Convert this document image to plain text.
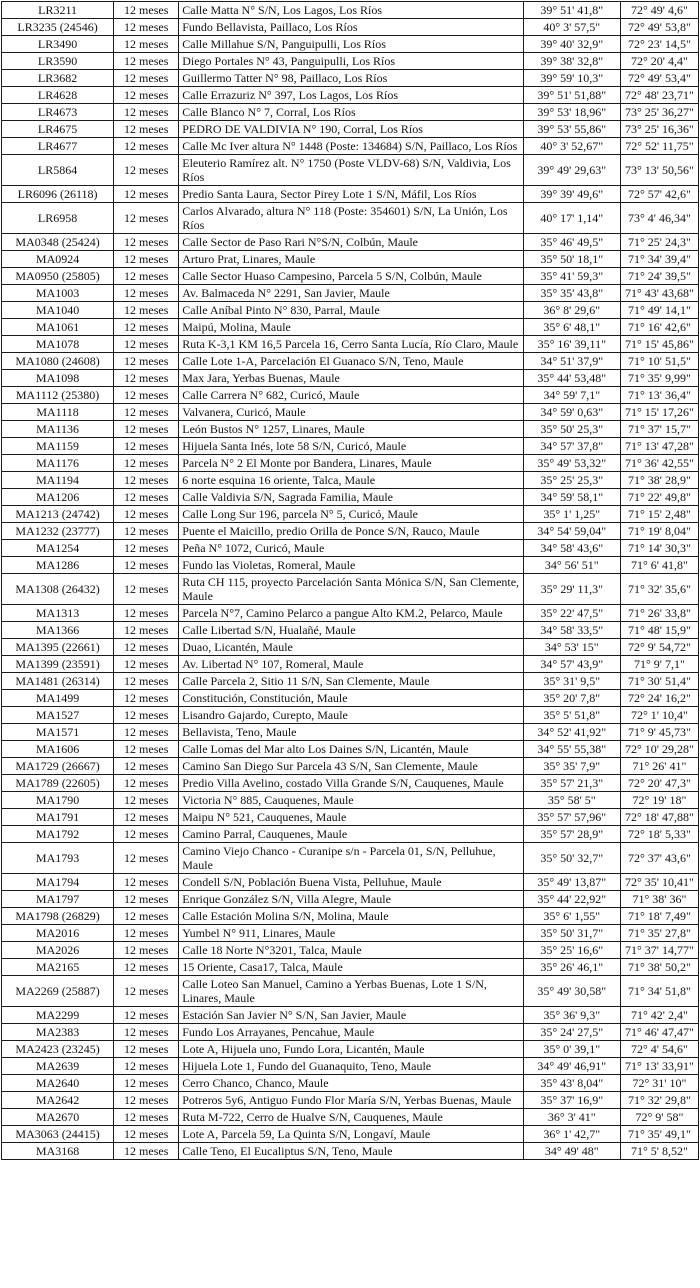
LR3211	12 meses	Calle Matta N° S/N, Los Lagos, Los Ríos	39° 51' 41,8"	72° 49' 4,6"
LR3235 (24546)	12 meses	Fundo Bellavista, Paillaco, Los Ríos	40° 3' 57,5"	72° 49' 53,8"
LR3490	12 meses	Calle Millahue S/N, Panguipulli, Los Ríos	39° 40' 32,9"	72° 23' 14,5"
LR3590	12 meses	Diego Portales N° 43, Panguipulli, Los Ríos	39° 38' 32,8"	72° 20' 4,4"
LR3682	12 meses	Guillermo Tatter N° 98, Paillaco, Los Ríos	39° 59' 10,3"	72° 49' 53,4"
LR4628	12 meses	Calle Errazuriz N° 397, Los Lagos, Los Ríos	39° 51' 51,88"	72° 48' 23,71"
LR4673	12 meses	Calle Blanco N° 7, Corral, Los Ríos	39° 53' 18,96"	73° 25' 36,27"
LR4675	12 meses	PEDRO DE VALDIVIA N° 190, Corral, Los Ríos	39° 53' 55,86"	73° 25' 16,36"
LR4677	12 meses	Calle Mc Iver altura N° 1448 (Poste: 134684) S/N, Paillaco, Los Ríos	40° 3' 52,67"	72° 52' 11,75"
LR5864	12 meses	Eleuterio Ramírez alt. N° 1750 (Poste VLDV-68) S/N, Valdivia, Los Ríos	39° 49' 29,63"	73° 13' 50,56"
LR6096 (26118)	12 meses	Predio Santa Laura, Sector Pirey Lote 1 S/N, Máfil, Los Ríos	39° 39' 49,6"	72° 57' 42,6"
LR6958	12 meses	Carlos Alvarado, altura N° 118 (Poste: 354601) S/N, La Unión, Los Ríos	40° 17' 1,14"	73° 4' 46,34"
MA0348 (25424)	12 meses	Calle Sector de Paso Rari N°S/N, Colbún, Maule	35° 46' 49,5"	71° 25' 24,3"
MA0924	12 meses	Arturo Prat, Linares, Maule	35° 50' 18,1"	71° 34' 39,4"
MA0950 (25805)	12 meses	Calle Sector Huaso Campesino, Parcela 5 S/N, Colbún, Maule	35° 41' 59,3"	71° 24' 39,5"
MA1003	12 meses	Av. Balmaceda N° 2291, San Javier, Maule	35° 35' 43,8"	71° 43' 43,68"
MA1040	12 meses	Calle Aníbal Pinto N° 830, Parral, Maule	36° 8' 29,6"	71° 49' 14,1"
MA1061	12 meses	Maipú, Molina, Maule	35° 6' 48,1"	71° 16' 42,6"
MA1078	12 meses	Ruta K-3,1 KM 16,5 Parcela 16, Cerro Santa Lucía, Río Claro, Maule	35° 16' 39,11"	71° 15' 45,86"
MA1080 (24608)	12 meses	Calle Lote 1-A, Parcelación El Guanaco S/N, Teno, Maule	34° 51' 37,9"	71° 10' 51,5"
MA1098	12 meses	Max Jara, Yerbas Buenas, Maule	35° 44' 53,48"	71° 35' 9,99"
MA1112 (25380)	12 meses	Calle Carrera N° 682, Curicó, Maule	34° 59' 7,1"	71° 13' 36,4"
MA1118	12 meses	Valvanera, Curicó, Maule	34° 59' 0,63"	71° 15' 17,26"
MA1136	12 meses	León Bustos N° 1257, Linares, Maule	35° 50' 25,3"	71° 37' 15,7"
MA1159	12 meses	Hijuela Santa Inés, lote 58 S/N, Curicó, Maule	34° 57' 37,8"	71° 13' 47,28"
MA1176	12 meses	Parcela N° 2 El Monte por Bandera, Linares, Maule	35° 49' 53,32"	71° 36' 42,55"
MA1194	12 meses	6 norte esquina 16 oriente, Talca, Maule	35° 25' 25,3"	71° 38' 28,9"
MA1206	12 meses	Calle Valdivia S/N, Sagrada Familia, Maule	34° 59' 58,1"	71° 22' 49,8"
MA1213 (24742)	12 meses	Calle Long Sur 196, parcela N° 5, Curicó, Maule	35° 1' 1,25"	71° 15' 2,48"
MA1232 (23777)	12 meses	Puente el Maicillo, predio Orilla de Ponce S/N, Rauco, Maule	34° 54' 59,04"	71° 19' 8,04"
MA1254	12 meses	Peña N° 1072, Curicó, Maule	34° 58' 43,6"	71° 14' 30,3"
MA1286	12 meses	Fundo las Violetas, Romeral, Maule	34° 56' 51"	71° 6' 41,8"
MA1308 (26432)	12 meses	Ruta CH 115, proyecto Parcelación Santa Mónica S/N, San Clemente, Maule	35° 29' 11,3"	71° 32' 35,6"
MA1313	12 meses	Parcela N°7, Camino Pelarco a pangue Alto KM.2, Pelarco, Maule	35° 22' 47,5"	71° 26' 33,8"
MA1366	12 meses	Calle Libertad S/N, Hualañé, Maule	34° 58' 33,5"	71° 48' 15,9"
MA1395 (22661)	12 meses	Duao, Licantén, Maule	34° 53' 15"	72° 9' 54,72"
MA1399 (23591)	12 meses	Av. Libertad N° 107, Romeral, Maule	34° 57' 43,9"	71° 9' 7,1"
MA1481 (26314)	12 meses	Calle Parcela 2, Sitio 11 S/N, San Clemente, Maule	35° 31' 9,5"	71° 30' 51,4"
MA1499	12 meses	Constitución, Constitución, Maule	35° 20' 7,8"	72° 24' 16,2"
MA1527	12 meses	Lisandro Gajardo, Curepto, Maule	35° 5' 51,8"	72° 1' 10,4"
MA1571	12 meses	Bellavista, Teno, Maule	34° 52' 41,92"	71° 9' 45,73"
MA1606	12 meses	Calle Lomas del Mar alto Los Daines S/N, Licantén, Maule	34° 55' 55,38"	72° 10' 29,28"
MA1729 (26667)	12 meses	Camino San Diego Sur Parcela 43 S/N, San Clemente, Maule	35° 35' 7,9"	71° 26' 41"
MA1789 (22605)	12 meses	Predio Villa Avelino, costado Villa Grande S/N, Cauquenes, Maule	35° 57' 21,3"	72° 20' 47,3"
MA1790	12 meses	Victoria N° 885, Cauquenes, Maule	35° 58' 5"	72° 19' 18"
MA1791	12 meses	Maipu N° 521, Cauquenes, Maule	35° 57' 57,96"	72° 18' 47,88"
MA1792	12 meses	Camino Parral, Cauquenes, Maule	35° 57' 28,9"	72° 18' 5,33"
MA1793	12 meses	Camino Viejo Chanco - Curanipe s/n - Parcela 01, S/N, Pelluhue, Maule	35° 50' 32,7"	72° 37' 43,6"
MA1794	12 meses	Condell S/N, Población Buena Vista, Pelluhue, Maule	35° 49' 13,87"	72° 35' 10,41"
MA1797	12 meses	Enrique González S/N, Villa Alegre, Maule	35° 44' 22,92"	71° 38' 36"
MA1798 (26829)	12 meses	Calle Estación Molina S/N, Molina, Maule	35° 6' 1,55"	71° 18' 7,49"
MA2016	12 meses	Yumbel N° 911, Linares, Maule	35° 50' 31,7"	71° 35' 27,8"
MA2026	12 meses	Calle 18 Norte N°3201, Talca, Maule	35° 25' 16,6"	71° 37' 14,77"
MA2165	12 meses	15 Oriente, Casa17, Talca, Maule	35° 26' 46,1"	71° 38' 50,2"
MA2269 (25887)	12 meses	Calle Loteo San Manuel, Camino a Yerbas Buenas, Lote 1 S/N, Linares, Maule	35° 49' 30,58"	71° 34' 51,8"
MA2299	12 meses	Estación San Javier N° S/N, San Javier, Maule	35° 36' 9,3"	71° 42' 2,4"
MA2383	12 meses	Fundo Los Arrayanes, Pencahue, Maule	35° 24' 27,5"	71° 46' 47,47"
MA2423 (23245)	12 meses	Lote A, Hijuela uno, Fundo Lora, Licantén, Maule	35° 0' 39,1"	72° 4' 54,6"
MA2639	12 meses	Hijuela Lote 1, Fundo del Guanaquito, Teno, Maule	34° 49' 46,91"	71° 13' 33,91"
MA2640	12 meses	Cerro Chanco, Chanco, Maule	35° 43' 8,04"	72° 31' 10"
MA2642	12 meses	Potreros 5y6, Antiguo Fundo Flor María S/N, Yerbas Buenas, Maule	35° 37' 16,9"	71° 32' 29,8"
MA2670	12 meses	Ruta M-722, Cerro de Hualve S/N, Cauquenes, Maule	36° 3' 41"	72° 9' 58"
MA3063 (24415)	12 meses	Lote A, Parcela 59, La Quinta S/N, Longaví, Maule	36° 1' 42,7"	71° 35' 49,1"
MA3168	12 meses	Calle Teno, El Eucaliptus S/N, Teno, Maule	34° 49' 48"	71° 5' 8,52"
